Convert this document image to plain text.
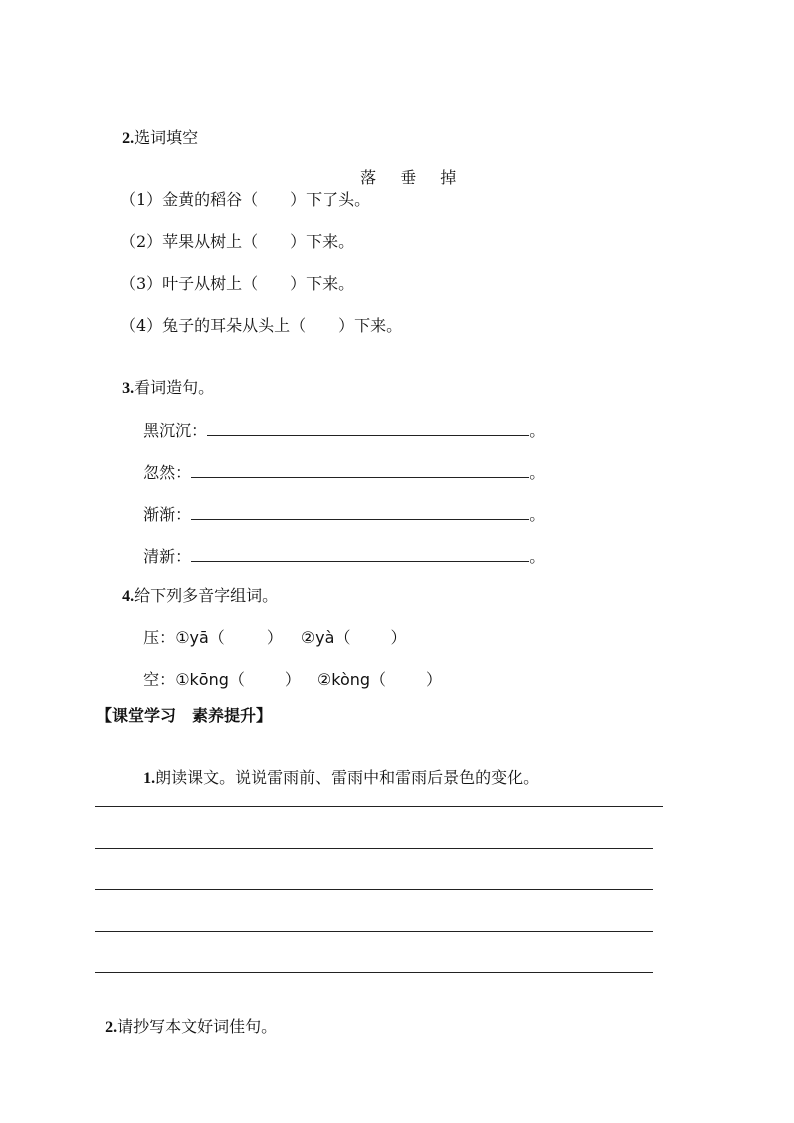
2.选词填空

落 垂 掉

（1）金黄的稻谷（　　）下了头。
（2）苹果从树上（　　）下来。
（3）叶子从树上（　　）下来。
（4）兔子的耳朵从头上（　　）下来。

3.看词造句。

黑沉沉：	。

忽然：	。

渐渐：	。

清新：	。

4.给下列多音字组词。

压：①yā（	） ②yà（	）

空：①kōng（	） ②kòng（	）

【课堂学习　素养提升】

1.朗读课文。说说雷雨前、雷雨中和雷雨后景色的变化。

2.请抄写本文好词佳句。
